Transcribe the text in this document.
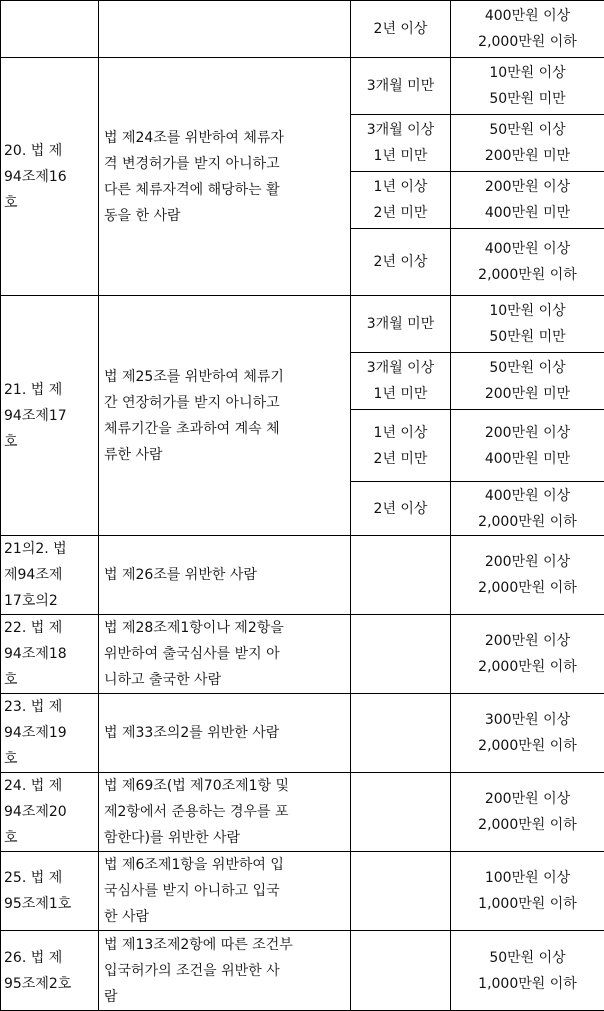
		2년 이상	400만원 이상
2,000만원 이하

20. 법 제
94조제16
호	법 제24조를 위반하여 체류자
격 변경허가를 받지 아니하고
다른 체류자격에 해당하는 활
동을 한 사람	3개월 미만	10만원 이상
50만원 미만

		3개월 이상
1년 미만	50만원 이상
200만원 미만

		1년 이상
2년 미만	200만원 이상
400만원 미만

		2년 이상	400만원 이상
2,000만원 이하

21. 법 제
94조제17
호	법 제25조를 위반하여 체류기
간 연장허가를 받지 아니하고
체류기간을 초과하여 계속 체
류한 사람	3개월 미만	10만원 이상
50만원 미만

		3개월 이상
1년 미만	50만원 이상
200만원 미만

		1년 이상
2년 미만	200만원 이상
400만원 미만

		2년 이상	400만원 이상
2,000만원 이하

21의2. 법
제94조제
17호의2	법 제26조를 위반한 사람		200만원 이상
2,000만원 이하

22. 법 제
94조제18
호	법 제28조제1항이나 제2항을
위반하여 출국심사를 받지 아
니하고 출국한 사람		200만원 이상
2,000만원 이하

23. 법 제
94조제19
호	법 제33조의2를 위반한 사람		300만원 이상
2,000만원 이하

24. 법 제
94조제20
호	법 제69조(법 제70조제1항 및
제2항에서 준용하는 경우를 포
함한다)를 위반한 사람		200만원 이상
2,000만원 이하

25. 법 제
95조제1호	법 제6조제1항을 위반하여 입
국심사를 받지 아니하고 입국
한 사람		100만원 이상
1,000만원 이하

26. 법 제
95조제2호	법 제13조제2항에 따른 조건부
입국허가의 조건을 위반한 사
람		50만원 이상
1,000만원 이하
